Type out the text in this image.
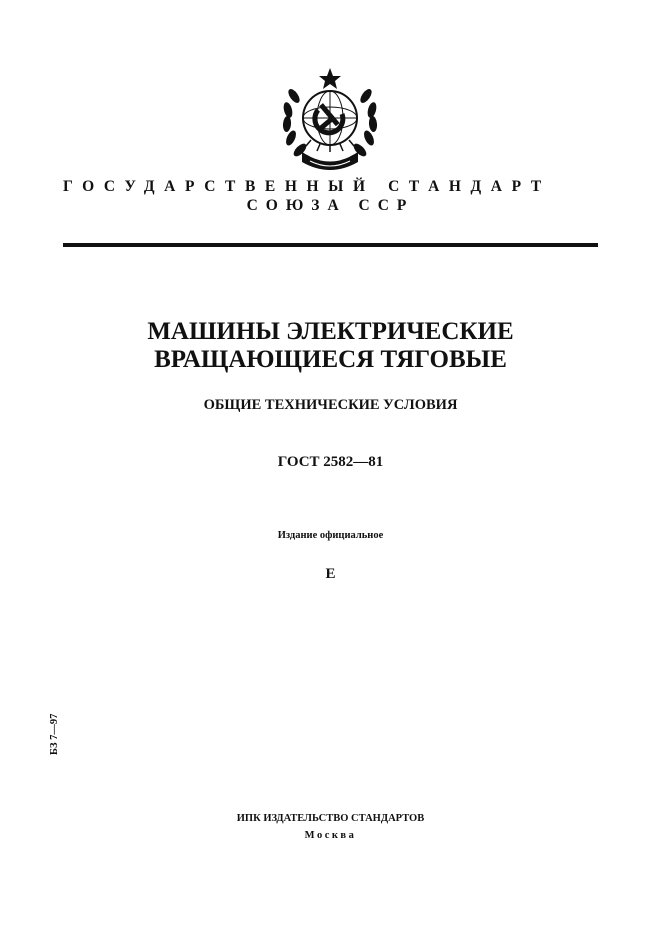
ГОСУДАРСТВЕННЫЙ СТАНДАРТ
СОЮЗА ССР
МАШИНЫ ЭЛЕКТРИЧЕСКИЕ
ВРАЩАЮЩИЕСЯ ТЯГОВЫЕ
ОБЩИЕ ТЕХНИЧЕСКИЕ УСЛОВИЯ
ГОСТ 2582—81
Издание официальное
Е
БЗ 7—97
ИПК ИЗДАТЕЛЬСТВО СТАНДАРТОВ
Москва
